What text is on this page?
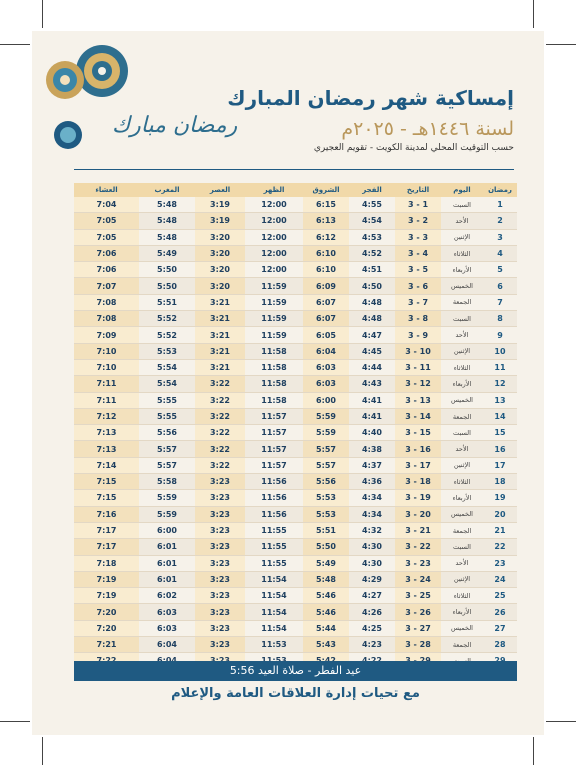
رمضان مبارك
إمساكية شهر رمضان المبارك
لسنة ١٤٤٦هـ - ٢٠٢٥م
حسب التوقيت المحلي لمدينة الكويت - تقويم العجيري
رمضان	اليوم	التاريخ	الفجر	الشروق	الظهر	العصر	المغرب	العشاء
1	السبت	1 - 3	4:55	6:15	12:00	3:19	5:48	7:04
2	الأحد	2 - 3	4:54	6:13	12:00	3:19	5:48	7:05
3	الإثنين	3 - 3	4:53	6:12	12:00	3:20	5:48	7:05
4	الثلاثاء	4 - 3	4:52	6:10	12:00	3:20	5:49	7:06
5	الأربعاء	5 - 3	4:51	6:10	12:00	3:20	5:50	7:06
6	الخميس	6 - 3	4:50	6:09	11:59	3:20	5:50	7:07
7	الجمعة	7 - 3	4:48	6:07	11:59	3:21	5:51	7:08
8	السبت	8 - 3	4:48	6:07	11:59	3:21	5:52	7:08
9	الأحد	9 - 3	4:47	6:05	11:59	3:21	5:52	7:09
10	الإثنين	10 - 3	4:45	6:04	11:58	3:21	5:53	7:10
11	الثلاثاء	11 - 3	4:44	6:03	11:58	3:21	5:54	7:10
12	الأربعاء	12 - 3	4:43	6:03	11:58	3:22	5:54	7:11
13	الخميس	13 - 3	4:41	6:00	11:58	3:22	5:55	7:11
14	الجمعة	14 - 3	4:41	5:59	11:57	3:22	5:55	7:12
15	السبت	15 - 3	4:40	5:59	11:57	3:22	5:56	7:13
16	الأحد	16 - 3	4:38	5:57	11:57	3:22	5:57	7:13
17	الإثنين	17 - 3	4:37	5:57	11:57	3:22	5:57	7:14
18	الثلاثاء	18 - 3	4:36	5:56	11:56	3:23	5:58	7:15
19	الأربعاء	19 - 3	4:34	5:53	11:56	3:23	5:59	7:15
20	الخميس	20 - 3	4:34	5:53	11:56	3:23	5:59	7:16
21	الجمعة	21 - 3	4:32	5:51	11:55	3:23	6:00	7:17
22	السبت	22 - 3	4:30	5:50	11:55	3:23	6:01	7:17
23	الأحد	23 - 3	4:30	5:49	11:55	3:23	6:01	7:18
24	الإثنين	24 - 3	4:29	5:48	11:54	3:23	6:01	7:19
25	الثلاثاء	25 - 3	4:27	5:46	11:54	3:23	6:02	7:19
26	الأربعاء	26 - 3	4:26	5:46	11:54	3:23	6:03	7:20
27	الخميس	27 - 3	4:25	5:44	11:54	3:23	6:03	7:20
28	الجمعة	28 - 3	4:23	5:43	11:53	3:23	6:04	7:21

عيد الفطر - صلاة العيد 5:56
مع تحيات إدارة العلاقات العامة والإعلام
